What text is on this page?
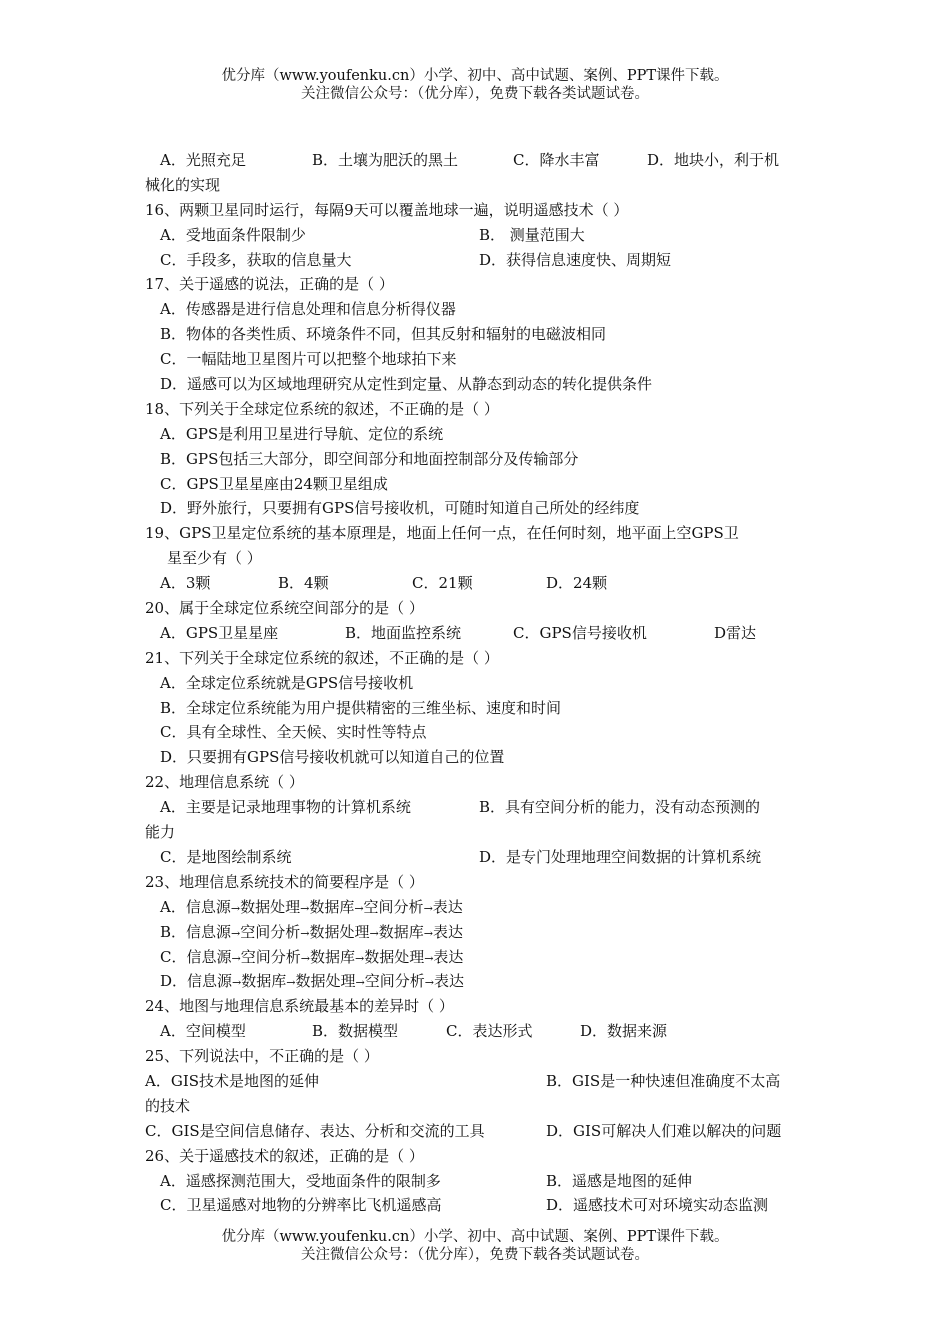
优分库（www.youfenku.cn）小学、初中、高中试题、案例、PPT课件下载。
关注微信公众号：（优分库），免费下载各类试题试卷。
A．光照充足	B．土壤为肥沃的黑土	C．降水丰富	D．地块小，利于机
械化的实现
16、两颗卫星同时运行，每隔9天可以覆盖地球一遍，说明遥感技术（ ）
A．受地面条件限制少	B． 测量范围大
C．手段多，获取的信息量大	D．获得信息速度快、周期短
17、关于遥感的说法，正确的是（ ）
A．传感器是进行信息处理和信息分析得仪器
B．物体的各类性质、环境条件不同，但其反射和辐射的电磁波相同
C．一幅陆地卫星图片可以把整个地球拍下来
D．遥感可以为区域地理研究从定性到定量、从静态到动态的转化提供条件
18、下列关于全球定位系统的叙述，不正确的是（ ）
A．GPS是利用卫星进行导航、定位的系统
B．GPS包括三大部分，即空间部分和地面控制部分及传输部分
C．GPS卫星星座由24颗卫星组成
D．野外旅行，只要拥有GPS信号接收机，可随时知道自己所处的经纬度
19、GPS卫星定位系统的基本原理是，地面上任何一点，在任何时刻，地平面上空GPS卫
星至少有（ ）
A．3颗	B．4颗	C．21颗	D．24颗
20、属于全球定位系统空间部分的是（ ）
A．GPS卫星星座	B．地面监控系统	C．GPS信号接收机	D雷达
21、下列关于全球定位系统的叙述，不正确的是（ ）
A．全球定位系统就是GPS信号接收机
B．全球定位系统能为用户提供精密的三维坐标、速度和时间
C．具有全球性、全天候、实时性等特点
D．只要拥有GPS信号接收机就可以知道自己的位置
22、地理信息系统（ ）
A．主要是记录地理事物的计算机系统	B．具有空间分析的能力，没有动态预测的
能力
C．是地图绘制系统	D．是专门处理地理空间数据的计算机系统
23、地理信息系统技术的简要程序是（ ）
A．信息源→数据处理→数据库→空间分析→表达
B．信息源→空间分析→数据处理→数据库→表达
C．信息源→空间分析→数据库→数据处理→表达
D．信息源→数据库→数据处理→空间分析→表达
24、地图与地理信息系统最基本的差异时（ ）
A．空间模型	B．数据模型	C．表达形式	D．数据来源
25、下列说法中，不正确的是（ ）
A．GIS技术是地图的延伸	B．GIS是一种快速但准确度不太高
的技术
C．GIS是空间信息储存、表达、分析和交流的工具	D．GIS可解决人们难以解决的问题
26、关于遥感技术的叙述，正确的是（ ）
A．遥感探测范围大，受地面条件的限制多	B．遥感是地图的延伸
C．卫星遥感对地物的分辨率比飞机遥感高	D．遥感技术可对环境实动态监测
优分库（www.youfenku.cn）小学、初中、高中试题、案例、PPT课件下载。
关注微信公众号：（优分库），免费下载各类试题试卷。
